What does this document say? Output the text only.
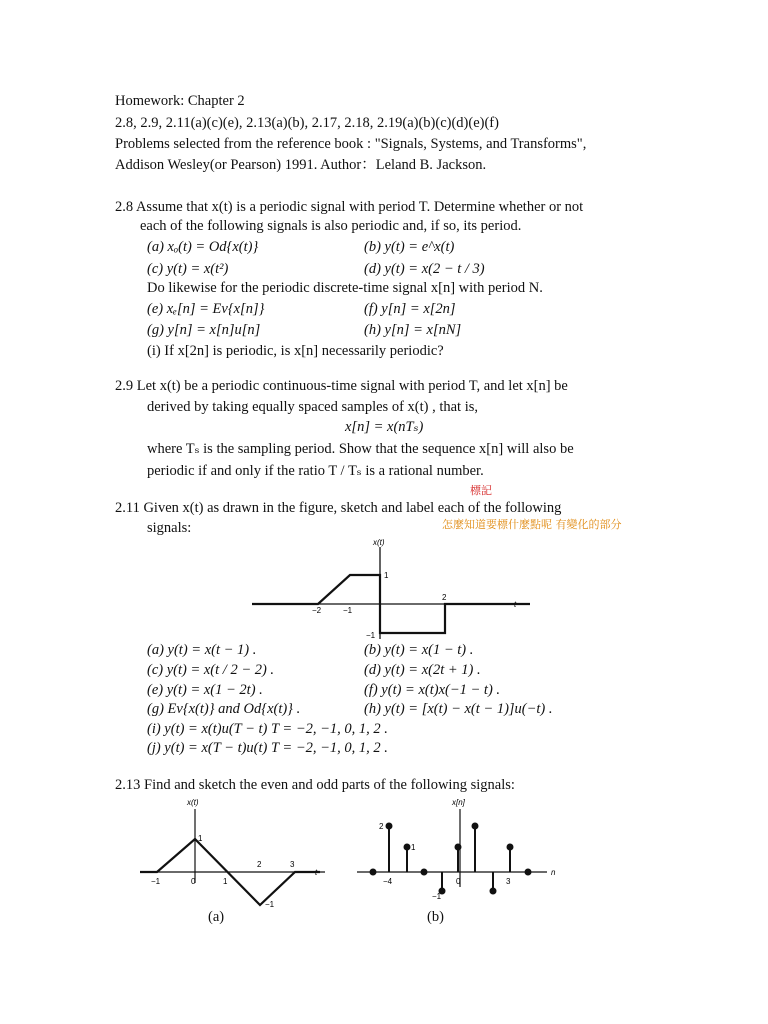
Homework: Chapter 2
2.8, 2.9, 2.11(a)(c)(e), 2.13(a)(b), 2.17, 2.18, 2.19(a)(b)(c)(d)(e)(f)
Problems selected from the reference book : "Signals, Systems, and Transforms",
Addison Wesley(or Pearson) 1991. Author：Leland B. Jackson.
2.8 Assume that x(t) is a periodic signal with period T. Determine whether or not
each of the following signals is also periodic and, if so, its period.
(a) xₒ(t) = Od{x(t)}	(b) y(t) = e^x(t)
(c) y(t) = x(t²)	(d) y(t) = x(2 − t / 3)
Do likewise for the periodic discrete-time signal x[n] with period N.
(e) xₑ[n] = Ev{x[n]}	(f) y[n] = x[2n]
(g) y[n] = x[n]u[n]	(h) y[n] = x[nN]
(i) If x[2n] is periodic, is x[n] necessarily periodic?
2.9 Let x(t) be a periodic continuous-time signal with period T, and let x[n] be
derived by taking equally spaced samples of x(t) , that is,
x[n] = x(nTₛ)
where Tₛ is the sampling period. Show that the sequence x[n] will also be
periodic if and only if the ratio T / Tₛ is a rational number.
標記
2.11 Given x(t) as drawn in the figure, sketch and label each of the following
signals:	怎麼知道要標什麼點呢 有變化的部分
x(t)
t
−2	−1
1
2
−1
(a) y(t) = x(t − 1) .	(b) y(t) = x(1 − t) .
(c) y(t) = x(t / 2 − 2) .	(d) y(t) = x(2t + 1) .
(e) y(t) = x(1 − 2t) .	(f) y(t) = x(t)x(−1 − t) .
(g) Ev{x(t)} and Od{x(t)} .	(h) y(t) = [x(t) − x(t − 1)]u(−t) .
(i) y(t) = x(t)u(T − t) T = −2, −1, 0, 1, 2 .
(j) y(t) = x(T − t)u(t) T = −2, −1, 0, 1, 2 .
2.13 Find and sketch the even and odd parts of the following signals:
x(t)
t
−1	0	1
1
2	3
−1
(a)
x[n]
n
2
1
−4
−1
0	3
(b)
